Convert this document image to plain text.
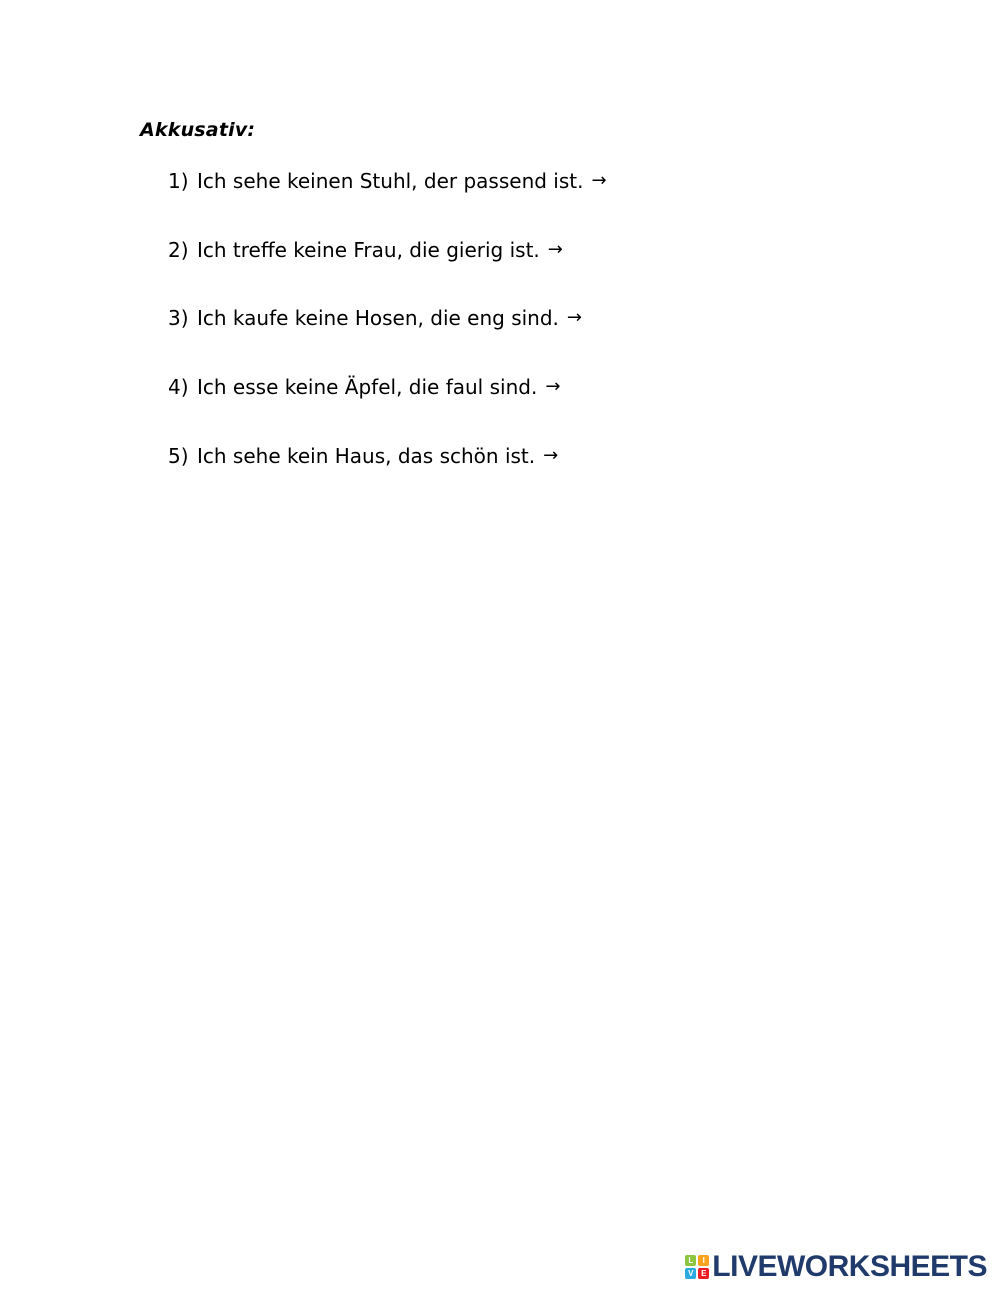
Akkusativ:
1) Ich sehe keinen Stuhl, der passend ist. →
2) Ich treffe keine Frau, die gierig ist. →
3) Ich kaufe keine Hosen, die eng sind. →
4) Ich esse keine Äpfel, die faul sind. →
5) Ich sehe kein Haus, das schön ist. →
L	I
V E LIVEWORKSHEETS
